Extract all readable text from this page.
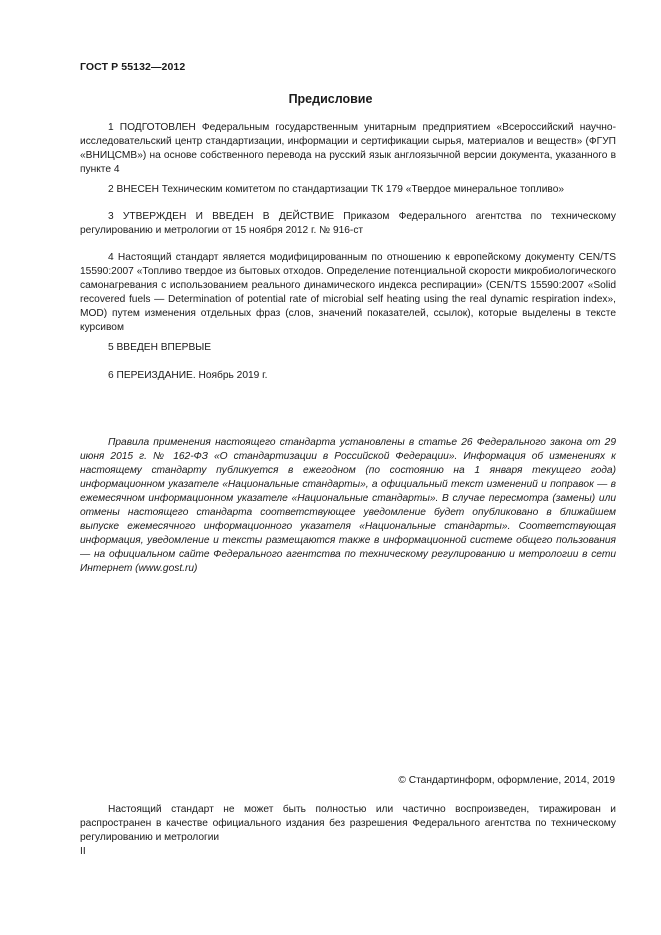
ГОСТ Р 55132—2012
Предисловие
1 ПОДГОТОВЛЕН Федеральным государственным унитарным предприятием «Всероссийский научно-исследовательский центр стандартизации, информации и сертификации сырья, материалов и веществ» (ФГУП «ВНИЦСМВ») на основе собственного перевода на русский язык англоязычной версии документа, указанного в пункте 4
2 ВНЕСЕН Техническим комитетом по стандартизации ТК 179 «Твердое минеральное топливо»
3 УТВЕРЖДЕН И ВВЕДЕН В ДЕЙСТВИЕ Приказом Федерального агентства по техническому регулированию и метрологии от 15 ноября 2012 г. № 916-ст
4 Настоящий стандарт является модифицированным по отношению к европейскому документу CEN/TS 15590:2007 «Топливо твердое из бытовых отходов. Определение потенциальной скорости микробиологического самонагревания с использованием реального динамического индекса респирации» (CEN/TS 15590:2007 «Solid recovered fuels — Determination of potential rate of microbial self heating using the real dynamic respiration index», MOD) путем изменения отдельных фраз (слов, значений показателей, ссылок), которые выделены в тексте курсивом
5 ВВЕДЕН ВПЕРВЫЕ
6 ПЕРЕИЗДАНИЕ. Ноябрь 2019 г.
Правила применения настоящего стандарта установлены в статье 26 Федерального закона от 29 июня 2015 г. № 162-ФЗ «О стандартизации в Российской Федерации». Информация об изменениях к настоящему стандарту публикуется в ежегодном (по состоянию на 1 января текущего года) информационном указателе «Национальные стандарты», а официальный текст изменений и поправок — в ежемесячном информационном указателе «Национальные стандарты». В случае пересмотра (замены) или отмены настоящего стандарта соответствующее уведомление будет опубликовано в ближайшем выпуске ежемесячного информационного указателя «Национальные стандарты». Соответствующая информация, уведомление и тексты размещаются также в информационной системе общего пользования — на официальном сайте Федерального агентства по техническому регулированию и метрологии в сети Интернет (www.gost.ru)
© Стандартинформ, оформление, 2014, 2019
Настоящий стандарт не может быть полностью или частично воспроизведен, тиражирован и распространен в качестве официального издания без разрешения Федерального агентства по техническому регулированию и метрологии
II
